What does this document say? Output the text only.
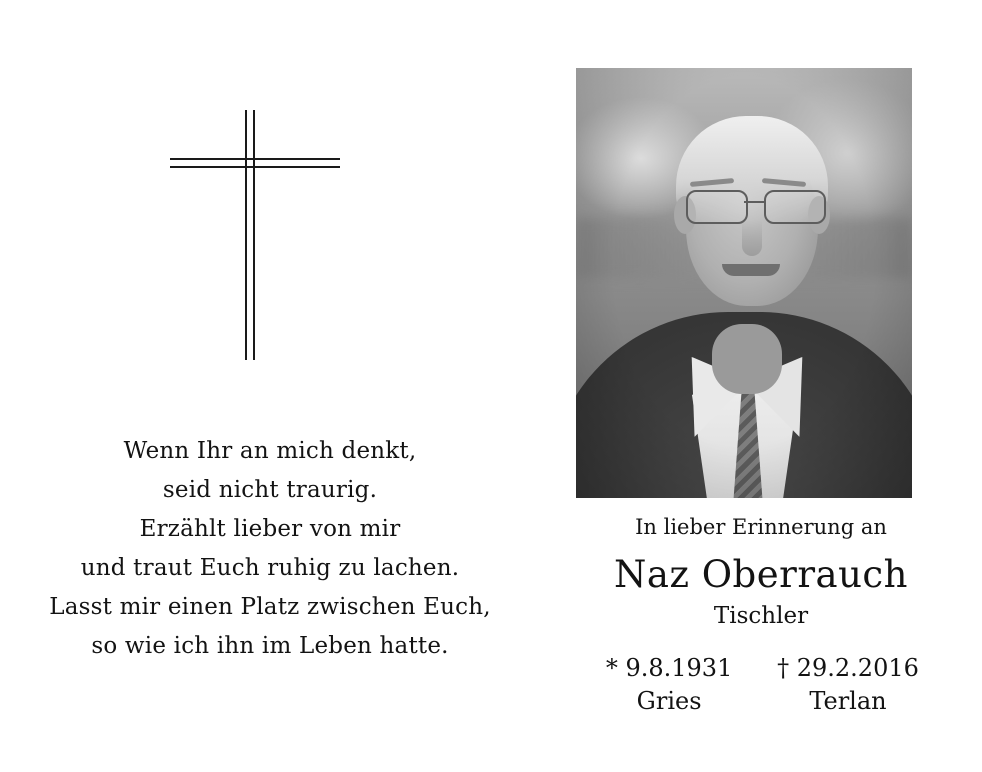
Wenn Ihr an mich denkt,
seid nicht traurig.
Erzählt lieber von mir
und traut Euch ruhig zu lachen.
Lasst mir einen Platz zwischen Euch,
so wie ich ihn im Leben hatte.
In lieber Erinnerung an
Naz Oberrauch
Tischler
* 9.8.1931
Gries
† 29.2.2016
Terlan
